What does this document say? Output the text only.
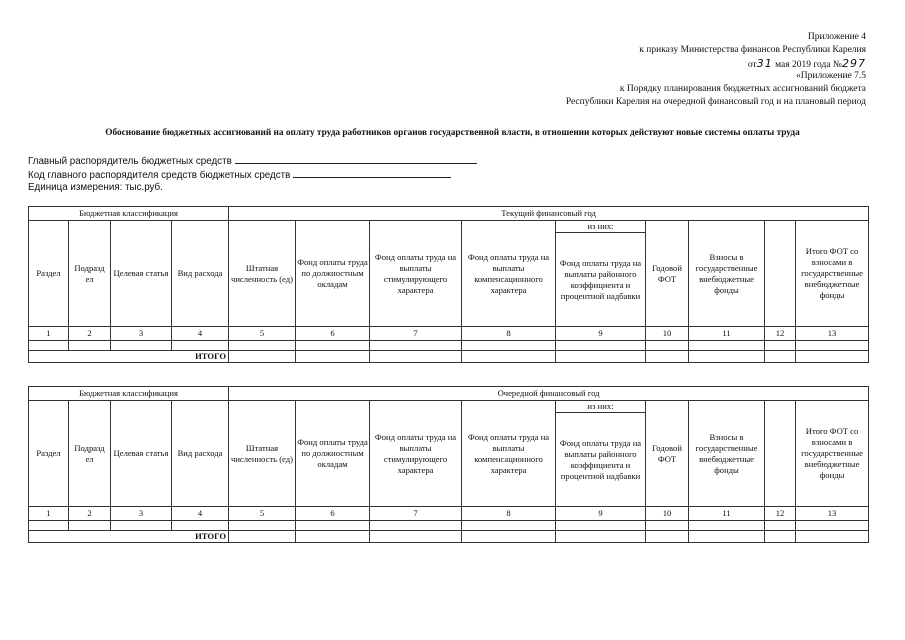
Приложение 4
к приказу Министерства финансов Республики Карелия
от31 мая 2019 года №297
«Приложение 7.5
к Порядку планирования бюджетных ассигнований бюджета
Республики Карелия на очередной финансовый год и на плановый период
Обоснование бюджетных ассигнований на оплату труда работников органов государственной власти, в отношении которых действуют новые системы оплаты труда
Главный распорядитель бюджетных средств
Код главного распорядителя средств бюджетных средств
Единица измерения: тыс.руб.
Бюджетная классификация				Текущий финансовый год								
Раздел	Подразд ел	Целевая статья	Вид расхода	Штатная численность (ед)	Фонд оплаты труда по должностным окладам	Фонд оплаты труда на выплаты стимулирующего характера	Фонд оплаты труда на выплаты компенсационного характера	из них:	Годовой ФОТ	Взносы в государственные внебюджетные фонды		Итого ФОТ со взносами в государственные внебюджетные фонды
								Фонд оплаты труда на выплаты районного коэффициента и процентной надбавки				
1	2	3	4	5	6	7	8	9	10	11	12	13

ИТОГО												
Бюджетная классификация				Очередной финансовый год								
Раздел	Подразд ел	Целевая статья	Вид расхода	Штатная численность (ед)	Фонд оплаты труда по должностным окладам	Фонд оплаты труда на выплаты стимулирующего характера	Фонд оплаты труда на выплаты компенсационного характера	из них:	Годовой ФОТ	Взносы в государственные внебюджетные фонды		Итого ФОТ со взносами в государственные внебюджетные фонды
								Фонд оплаты труда на выплаты районного коэффициента и процентной надбавки				
1	2	3	4	5	6	7	8	9	10	11	12	13

ИТОГО												
